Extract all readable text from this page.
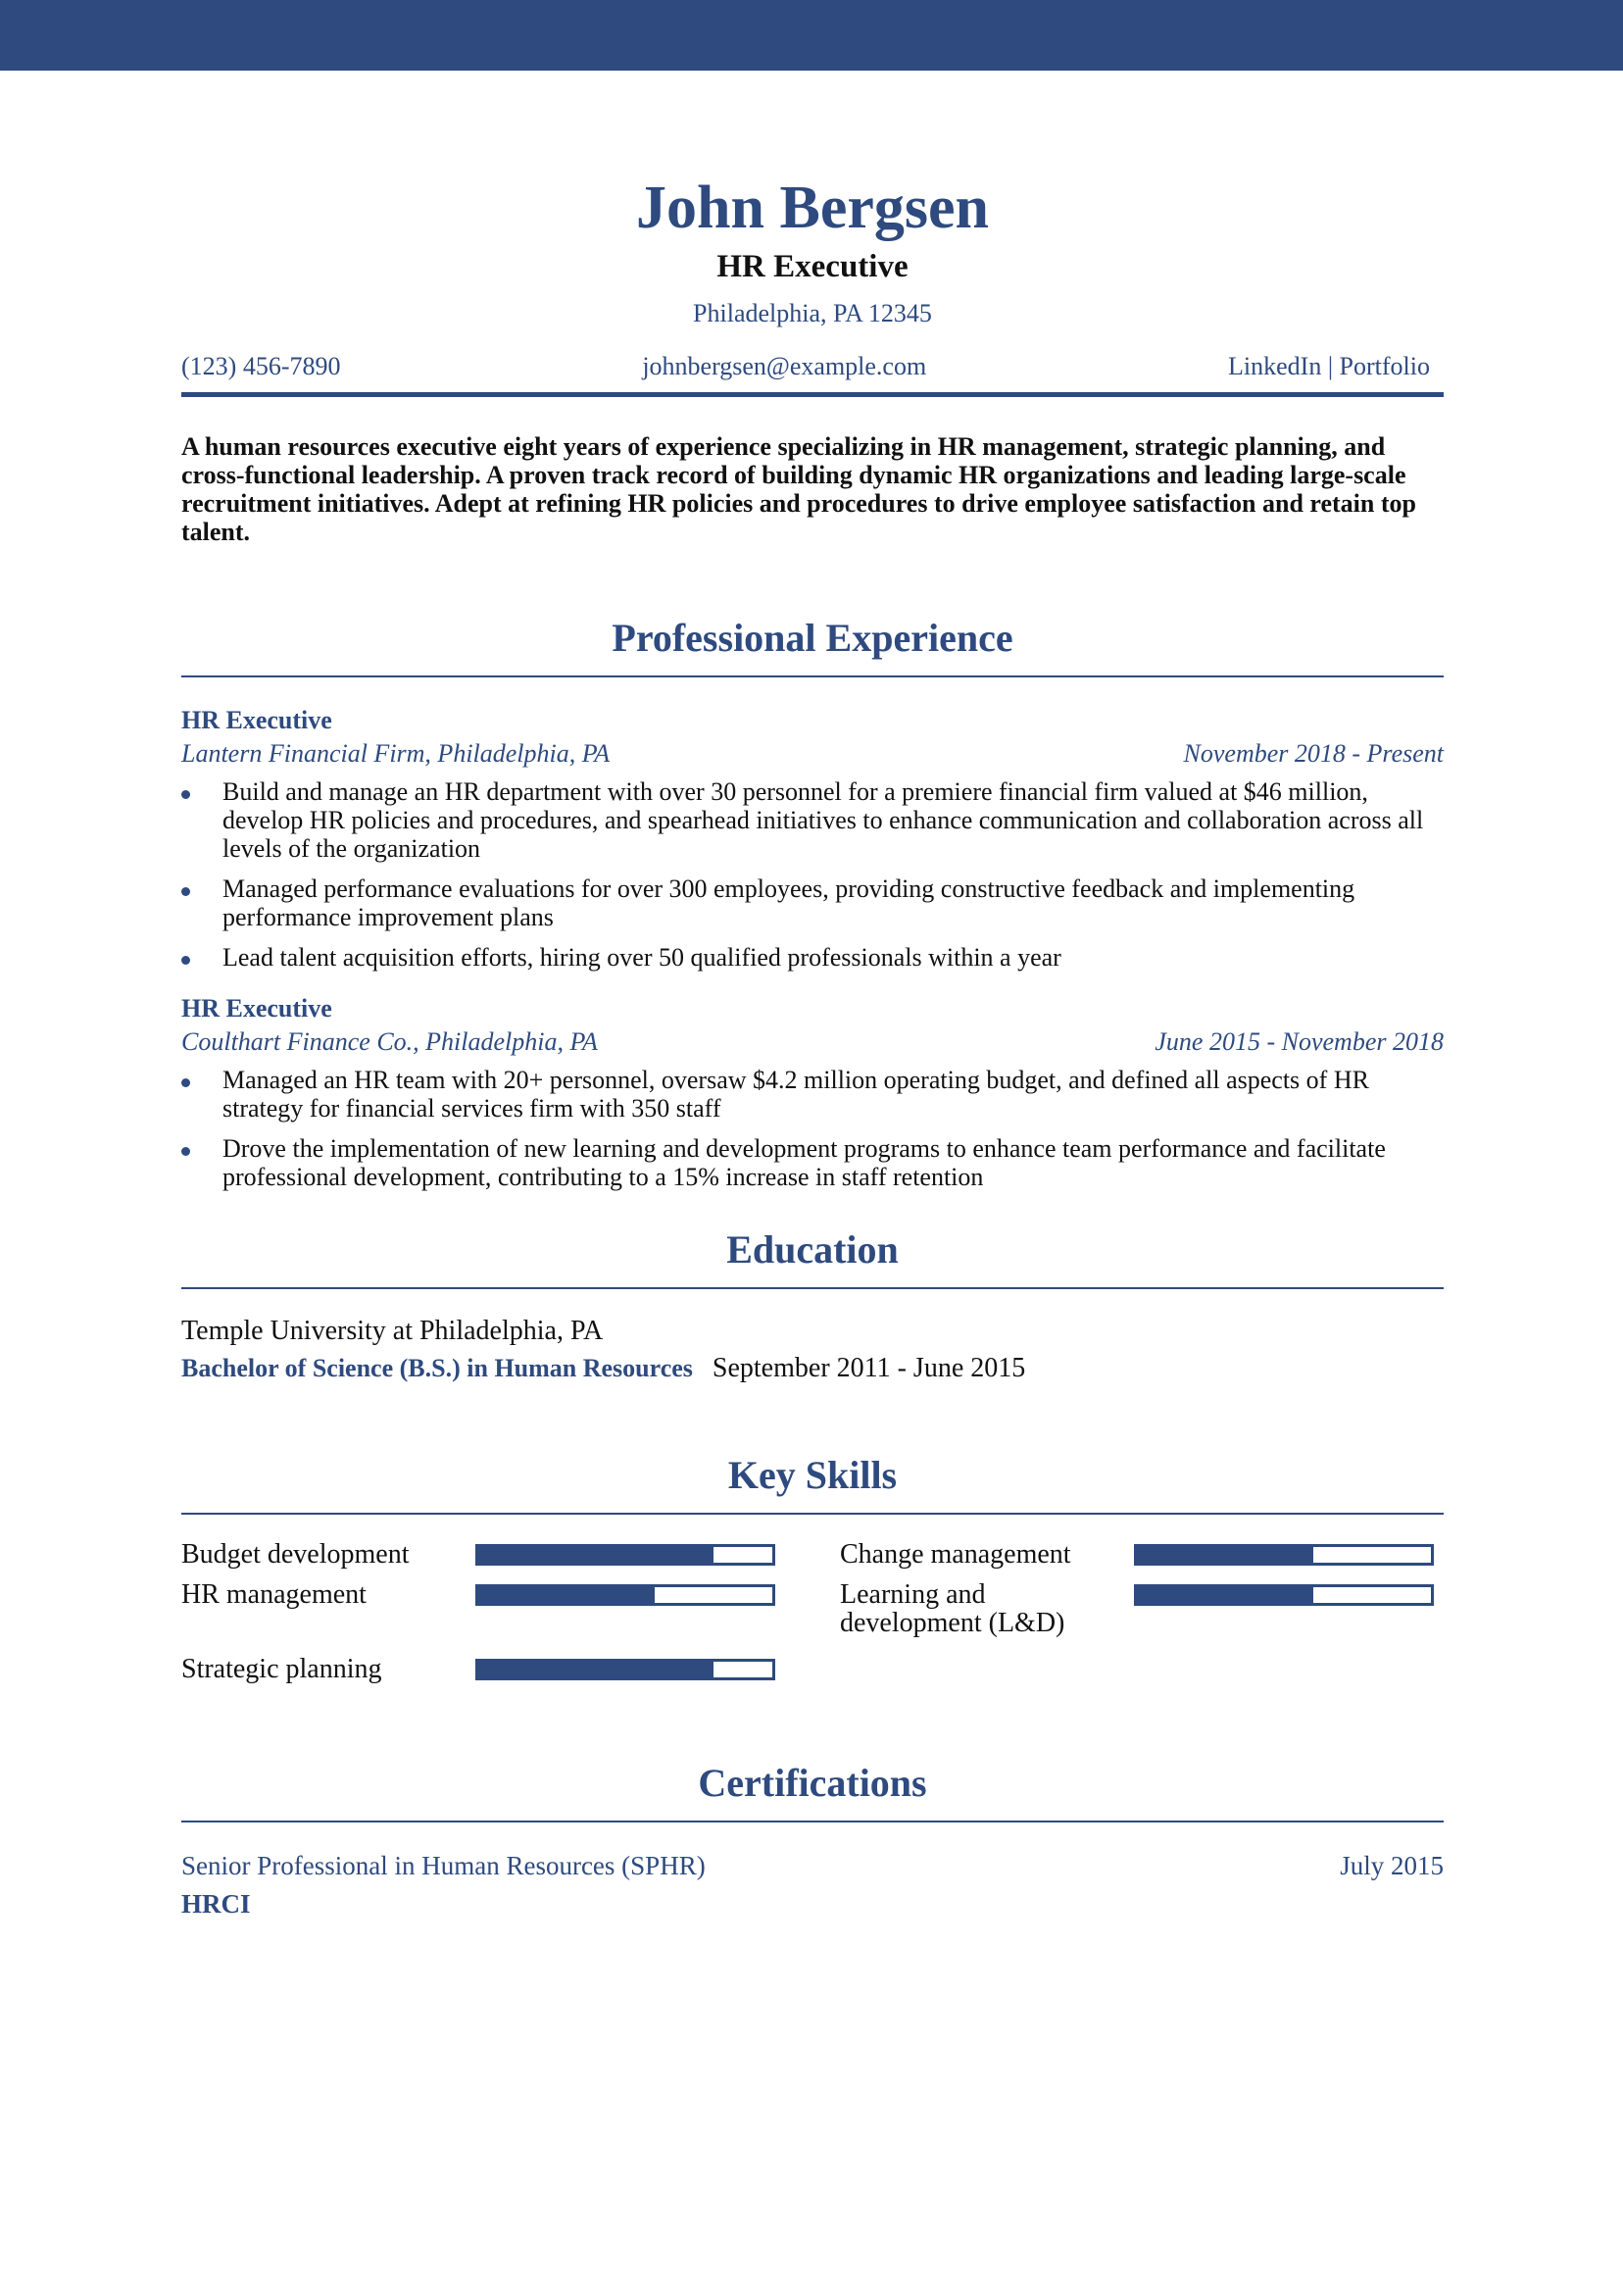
John Bergsen
HR Executive
Philadelphia, PA 12345
(123) 456-7890	johnbergsen@example.com	LinkedIn | Portfolio
A human resources executive eight years of experience specializing in HR management, strategic planning, and cross-functional leadership. A proven track record of building dynamic HR organizations and leading large-scale recruitment initiatives. Adept at refining HR policies and procedures to drive employee satisfaction and retain top talent.
Professional Experience
HR Executive
Lantern Financial Firm, Philadelphia, PA	November 2018 - Present
Build and manage an HR department with over 30 personnel for a premiere financial firm valued at $46 million, develop HR policies and procedures, and spearhead initiatives to enhance communication and collaboration across all levels of the organization
Managed performance evaluations for over 300 employees, providing constructive feedback and implementing performance improvement plans
Lead talent acquisition efforts, hiring over 50 qualified professionals within a year
HR Executive
Coulthart Finance Co., Philadelphia, PA	June 2015 - November 2018
Managed an HR team with 20+ personnel, oversaw $4.2 million operating budget, and defined all aspects of HR strategy for financial services firm with 350 staff
Drove the implementation of new learning and development programs to enhance team performance and facilitate professional development, contributing to a 15% increase in staff retention
Education
Temple University at Philadelphia, PA
Bachelor of Science (B.S.) in Human Resources September 2011 - June 2015
Key Skills
Budget development	Change management
HR management	Learning and development (L&D)
Strategic planning
Certifications
Senior Professional in Human Resources (SPHR)	July 2015
HRCI
